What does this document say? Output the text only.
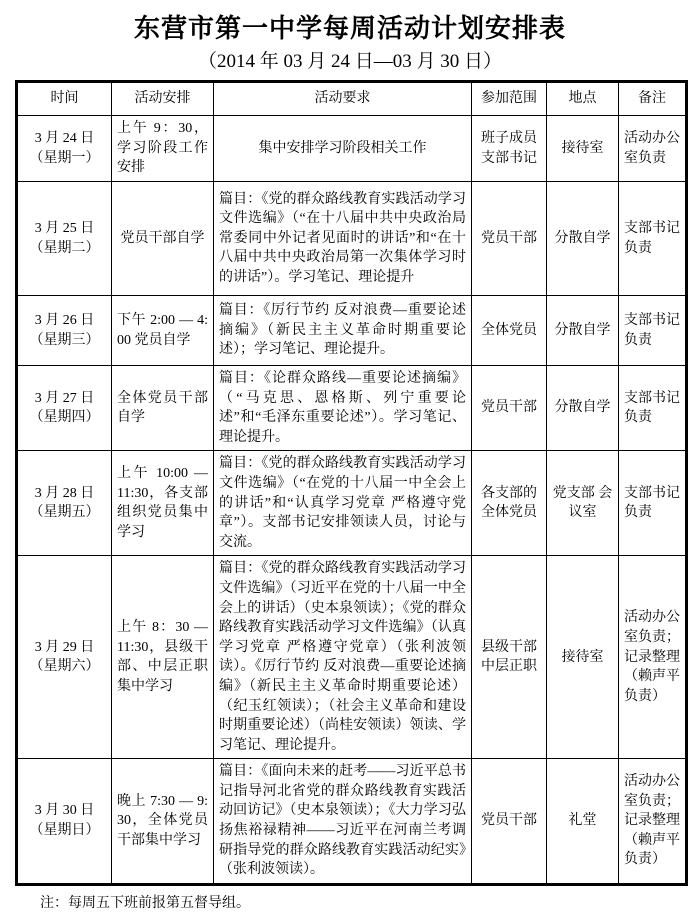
东营市第一中学每周活动计划安排表
（2014 年 03 月 24 日—03 月 30 日）
时间	活动安排	活动要求	参加范围	地点	备注

3 月 24 日
（星期一）	上午 9：30，学习阶段工作安排	集中安排学习阶段相关工作	班子成员 支部书记	接待室	活动办公室负责

3 月 25 日
（星期二）	党员干部自学	篇目：《党的群众路线教育实践活动学习文件选编》（“在十八届中共中央政治局常委同中外记者见面时的讲话”和“在十八届中共中央政治局第一次集体学习时的讲话”）。学习笔记、理论提升	党员干部	分散自学	支部书记负责

3 月 26 日
（星期三）	下午 2:00 — 4:00 党员自学	篇目：《厉行节约 反对浪费—重要论述摘编》（新民主主义革命时期重要论述）；学习笔记、理论提升。	全体党员	分散自学	支部书记负责

3 月 27 日
（星期四）	全体党员干部自学	篇目：《论群众路线—重要论述摘编》（“马克思、恩格斯、列宁重要论述”和“毛泽东重要论述”）。学习笔记、理论提升。	党员干部	分散自学	支部书记负责

3 月 28 日
（星期五）	上午 10:00 — 11:30，各支部组织党员集中学习	篇目：《党的群众路线教育实践活动学习文件选编》（“在党的十八届一中全会上的讲话”和“认真学习党章 严格遵守党章”）。支部书记安排领读人员，讨论与交流。	各支部的全体党员	党支部 会议室	支部书记负责

3 月 29 日
（星期六）	上午 8：30 — 11:30，县级干部、中层正职集中学习	篇目：《党的群众路线教育实践活动学习文件选编》（习近平在党的十八届一中全会上的讲话）（史本泉领读）；《党的群众路线教育实践活动学习文件选编》（认真学习党章 严格遵守党章）（张利波领读）。《厉行节约 反对浪费—重要论述摘编》（新民主主义革命时期重要论述）（纪玉红领读）；（社会主义革命和建设时期重要论述）（尚桂安领读）领读、学习笔记、理论提升。	县级干部 中层正职	接待室	活动办公室负责；记录整理（赖声平负责）

3 月 30 日
（星期日）	晚上 7:30 — 9:30，全体党员干部集中学习	篇目：《面向未来的赶考——习近平总书记指导河北省党的群众路线教育实践活动回访记》（史本泉领读）；《大力学习弘扬焦裕禄精神——习近平在河南兰考调研指导党的群众路线教育实践活动纪实》（张利波领读）。	党员干部	礼堂	活动办公室负责；记录整理（赖声平负责）
注：每周五下班前报第五督导组。
